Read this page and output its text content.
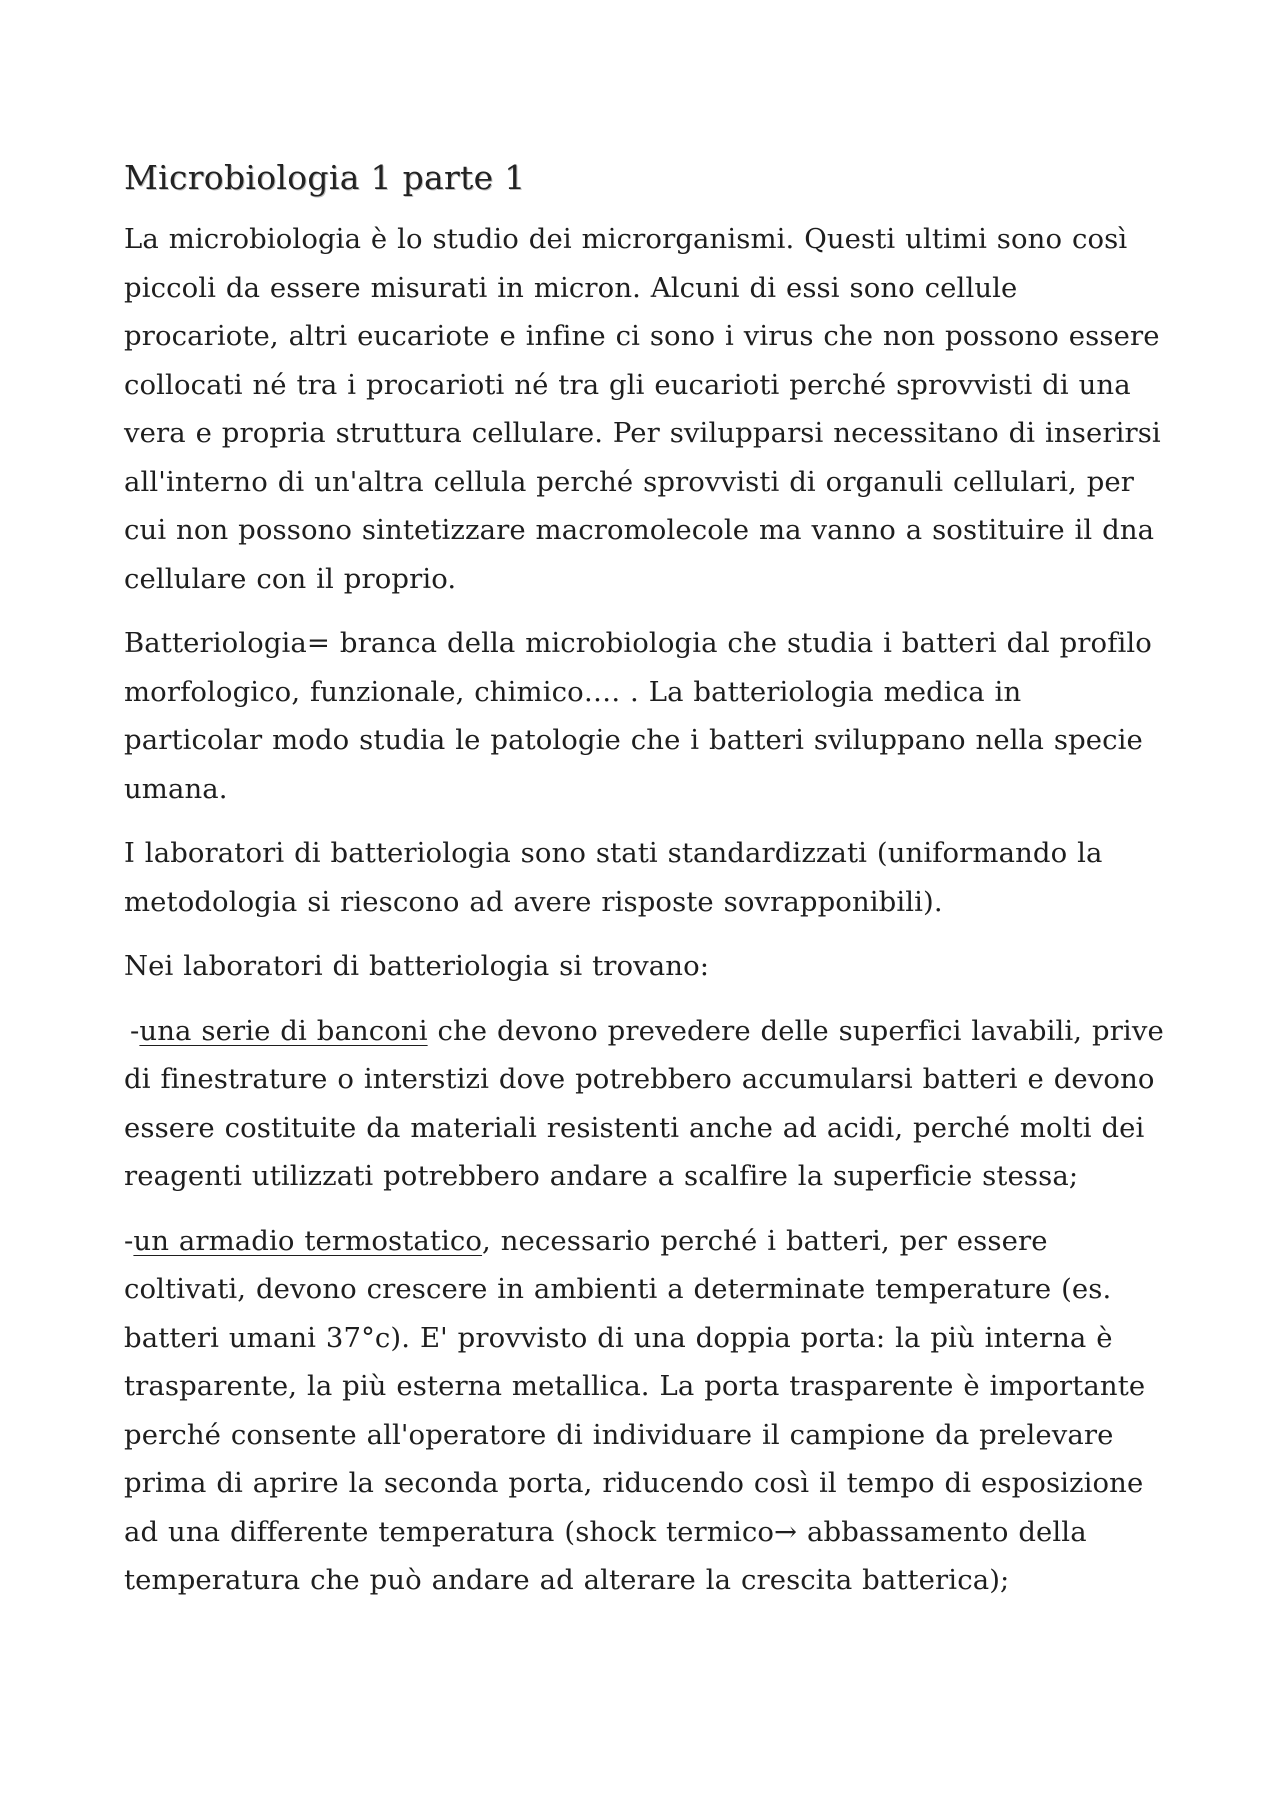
Microbiologia 1 parte 1

La microbiologia è lo studio dei microrganismi. Questi ultimi sono così piccoli da essere misurati in micron. Alcuni di essi sono cellule procariote, altri eucariote e infine ci sono i virus che non possono essere collocati né tra i procarioti né tra gli eucarioti perché sprovvisti di una vera e propria struttura cellulare. Per svilupparsi necessitano di inserirsi all'interno di un'altra cellula perché sprovvisti di organuli cellulari, per cui non possono sintetizzare macromolecole ma vanno a sostituire il dna cellulare con il proprio.

Batteriologia= branca della microbiologia che studia i batteri dal profilo morfologico, funzionale, chimico…. . La batteriologia medica in particolar modo studia le patologie che i batteri sviluppano nella specie umana.

I laboratori di batteriologia sono stati standardizzati (uniformando la metodologia si riescono ad avere risposte sovrapponibili).

Nei laboratori di batteriologia si trovano:

-una serie di banconi che devono prevedere delle superfici lavabili, prive di finestrature o interstizi dove potrebbero accumularsi batteri e devono essere costituite da materiali resistenti anche ad acidi, perché molti dei reagenti utilizzati potrebbero andare a scalfire la superficie stessa;

-un armadio termostatico, necessario perché i batteri, per essere coltivati, devono crescere in ambienti a determinate temperature (es. batteri umani 37°c). E' provvisto di una doppia porta: la più interna è trasparente, la più esterna metallica. La porta trasparente è importante perché consente all'operatore di individuare il campione da prelevare prima di aprire la seconda porta, riducendo così il tempo di esposizione ad una differente temperatura (shock termico→ abbassamento della temperatura che può andare ad alterare la crescita batterica);
